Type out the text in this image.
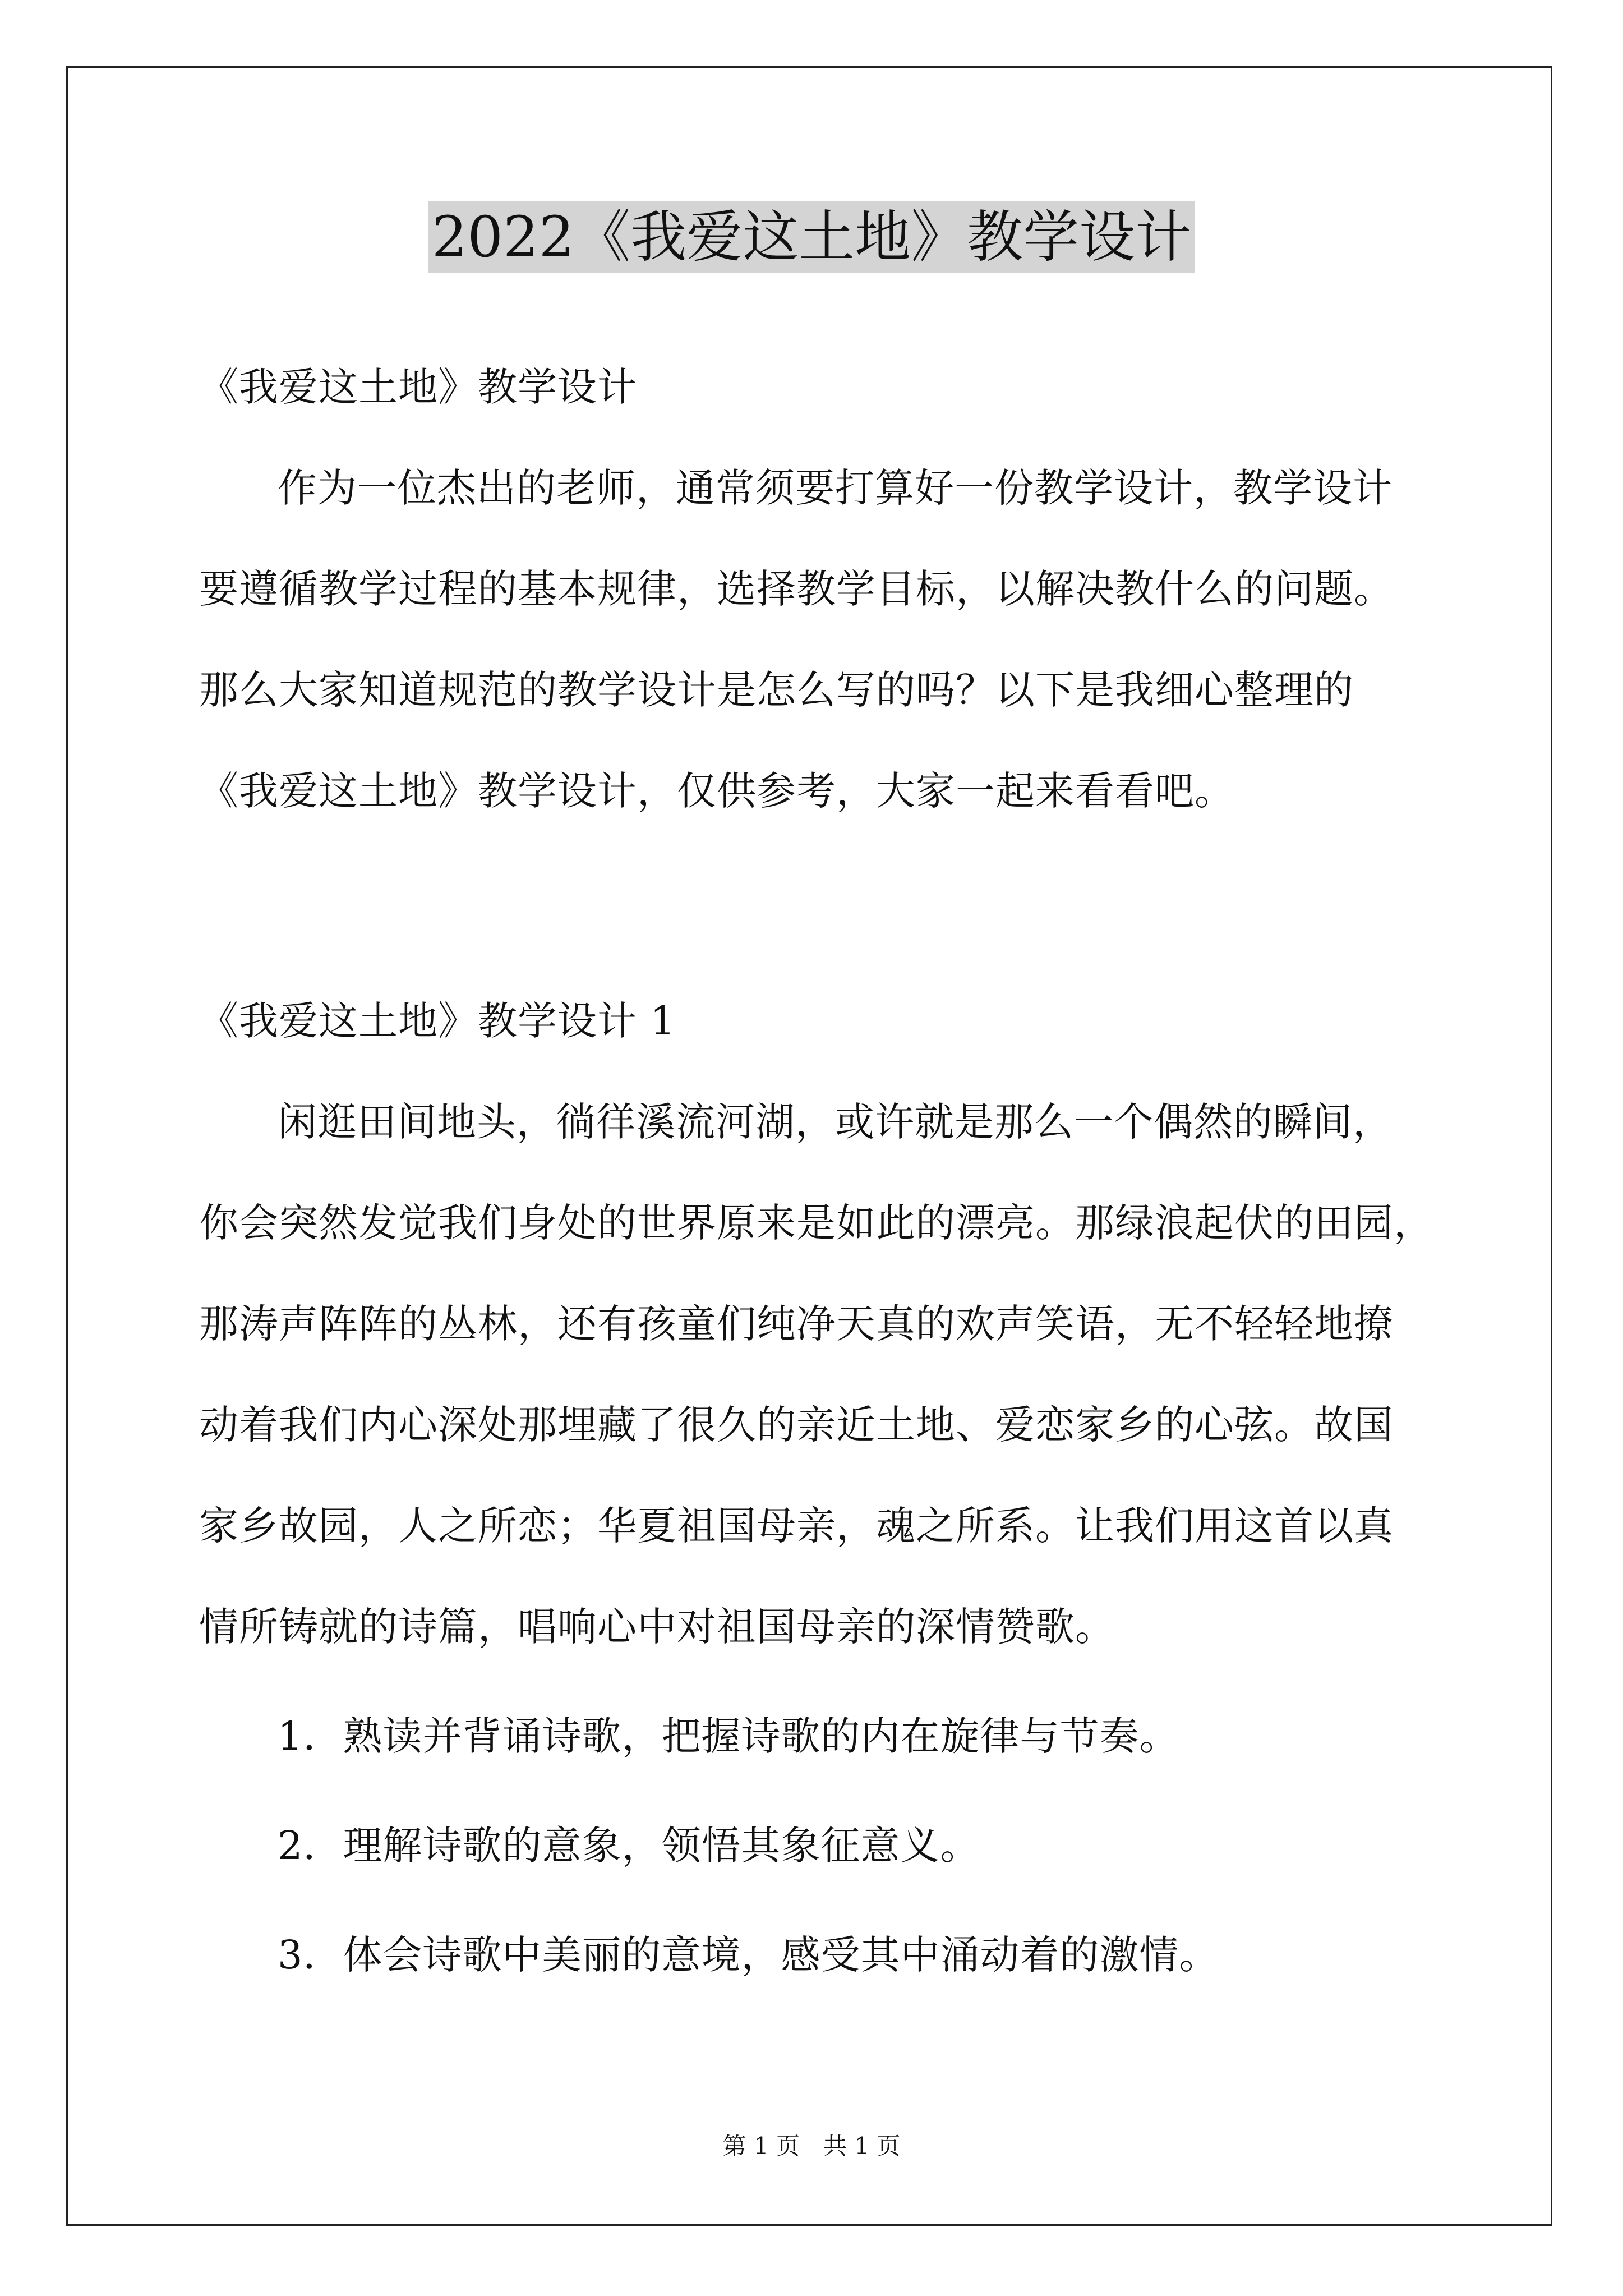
2022《我爱这土地》教学设计
《我爱这土地》教学设计
作为一位杰出的老师，通常须要打算好一份教学设计，教学设计
要遵循教学过程的基本规律，选择教学目标，以解决教什么的问题。
那么大家知道规范的教学设计是怎么写的吗？以下是我细心整理的
《我爱这土地》教学设计，仅供参考，大家一起来看看吧。
《我爱这土地》教学设计 1
闲逛田间地头，徜徉溪流河湖，或许就是那么一个偶然的瞬间，
你会突然发觉我们身处的世界原来是如此的漂亮。那绿浪起伏的田园，
那涛声阵阵的丛林，还有孩童们纯净天真的欢声笑语，无不轻轻地撩
动着我们内心深处那埋藏了很久的亲近土地、爱恋家乡的心弦。故国
家乡故园，人之所恋；华夏祖国母亲，魂之所系。让我们用这首以真
情所铸就的诗篇，唱响心中对祖国母亲的深情赞歌。
1．熟读并背诵诗歌，把握诗歌的内在旋律与节奏。
2．理解诗歌的意象，领悟其象征意义。
3．体会诗歌中美丽的意境，感受其中涌动着的激情。
第 1 页　共 1 页
